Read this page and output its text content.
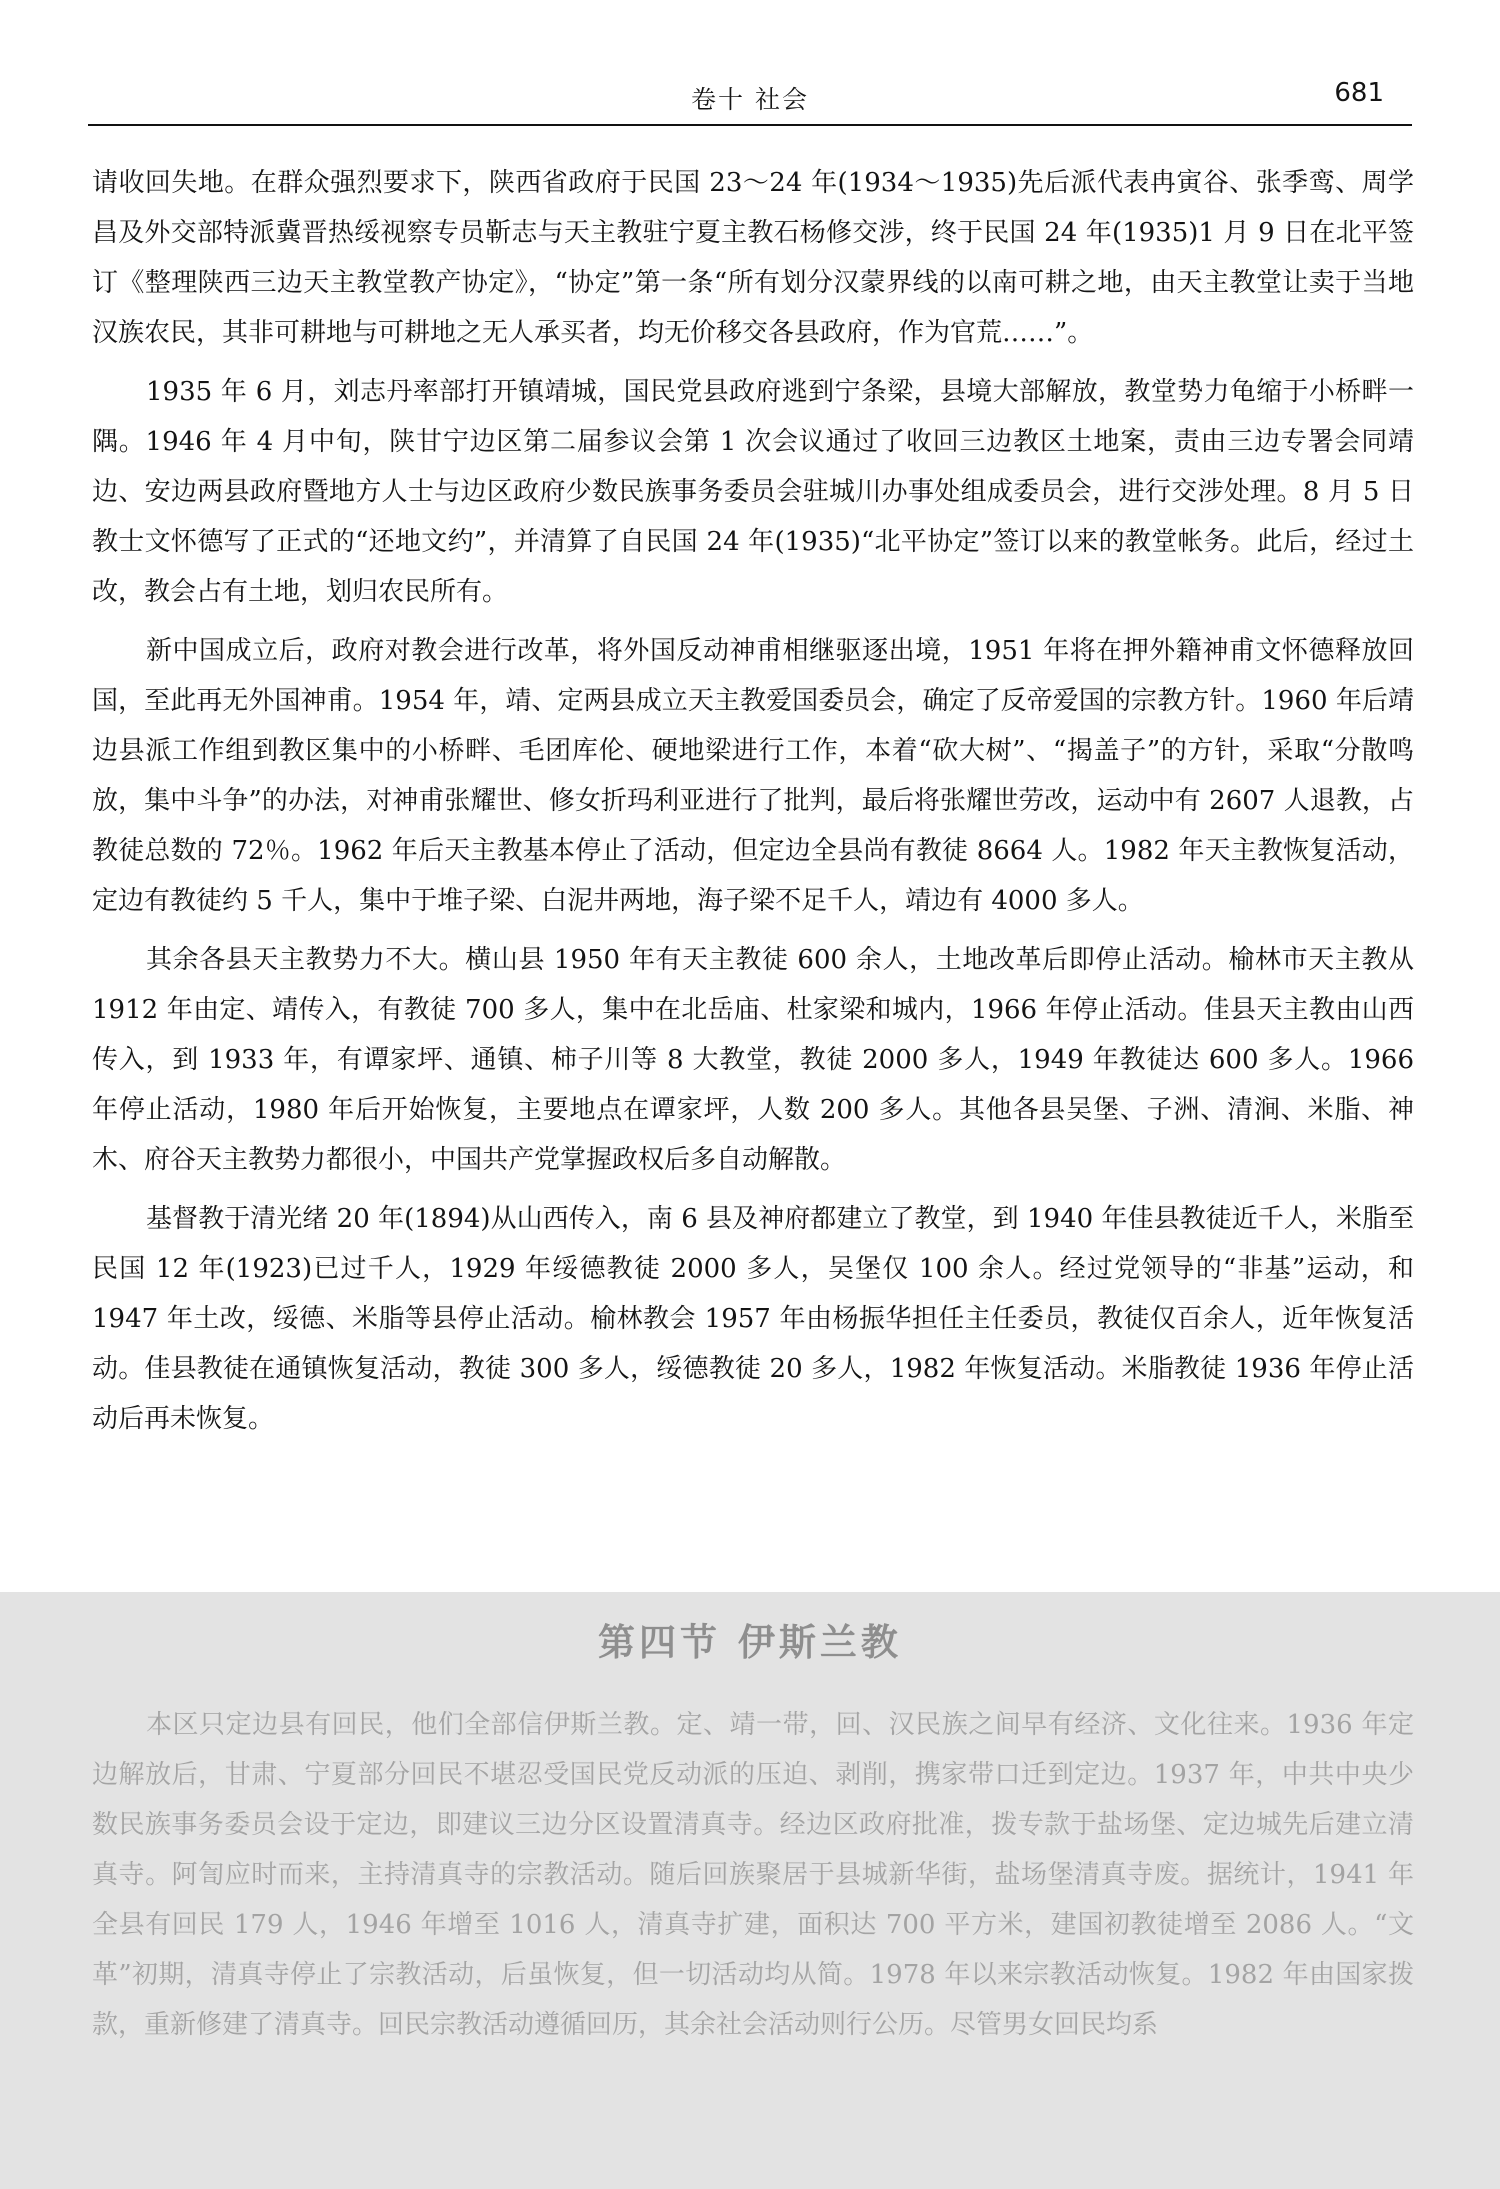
卷十 社会	681

请收回失地。在群众强烈要求下，陕西省政府于民国 23～24 年(1934～1935)先后派代表冉寅谷、张季鸾、周学昌及外交部特派冀晋热绥视察专员靳志与天主教驻宁夏主教石杨修交涉，终于民国 24 年(1935)1 月 9 日在北平签订《整理陕西三边天主教堂教产协定》，“协定”第一条“所有划分汉蒙界线的以南可耕之地，由天主教堂让卖于当地汉族农民，其非可耕地与可耕地之无人承买者，均无价移交各县政府，作为官荒……”。

1935 年 6 月，刘志丹率部打开镇靖城，国民党县政府逃到宁条梁，县境大部解放，教堂势力龟缩于小桥畔一隅。1946 年 4 月中旬，陕甘宁边区第二届参议会第 1 次会议通过了收回三边教区土地案，责由三边专署会同靖边、安边两县政府暨地方人士与边区政府少数民族事务委员会驻城川办事处组成委员会，进行交涉处理。8 月 5 日教士文怀德写了正式的“还地文约”，并清算了自民国 24 年(1935)“北平协定”签订以来的教堂帐务。此后，经过土改，教会占有土地，划归农民所有。

新中国成立后，政府对教会进行改革，将外国反动神甫相继驱逐出境，1951 年将在押外籍神甫文怀德释放回国，至此再无外国神甫。1954 年，靖、定两县成立天主教爱国委员会，确定了反帝爱国的宗教方针。1960 年后靖边县派工作组到教区集中的小桥畔、毛团库伦、硬地梁进行工作，本着“砍大树”、“揭盖子”的方针，采取“分散鸣放，集中斗争”的办法，对神甫张耀世、修女折玛利亚进行了批判，最后将张耀世劳改，运动中有 2607 人退教，占教徒总数的 72％。1962 年后天主教基本停止了活动，但定边全县尚有教徒 8664 人。1982 年天主教恢复活动，定边有教徒约 5 千人，集中于堆子梁、白泥井两地，海子梁不足千人，靖边有 4000 多人。

其余各县天主教势力不大。横山县 1950 年有天主教徒 600 余人，土地改革后即停止活动。榆林市天主教从 1912 年由定、靖传入，有教徒 700 多人，集中在北岳庙、杜家梁和城内，1966 年停止活动。佳县天主教由山西传入，到 1933 年，有谭家坪、通镇、柿子川等 8 大教堂，教徒 2000 多人，1949 年教徒达 600 多人。1966 年停止活动，1980 年后开始恢复，主要地点在谭家坪，人数 200 多人。其他各县吴堡、子洲、清涧、米脂、神木、府谷天主教势力都很小，中国共产党掌握政权后多自动解散。

基督教于清光绪 20 年(1894)从山西传入，南 6 县及神府都建立了教堂，到 1940 年佳县教徒近千人，米脂至民国 12 年(1923)已过千人，1929 年绥德教徒 2000 多人，吴堡仅 100 余人。经过党领导的“非基”运动，和 1947 年土改，绥德、米脂等县停止活动。榆林教会 1957 年由杨振华担任主任委员，教徒仅百余人，近年恢复活动。佳县教徒在通镇恢复活动，教徒 300 多人，绥德教徒 20 多人，1982 年恢复活动。米脂教徒 1936 年停止活动后再未恢复。

第四节 伊斯兰教

本区只定边县有回民，他们全部信伊斯兰教。定、靖一带，回、汉民族之间早有经济、文化往来。1936 年定边解放后，甘肃、宁夏部分回民不堪忍受国民党反动派的压迫、剥削，携家带口迁到定边。1937 年，中共中央少数民族事务委员会设于定边，即建议三边分区设置清真寺。经边区政府批准，拨专款于盐场堡、定边城先后建立清真寺。阿訇应时而来，主持清真寺的宗教活动。随后回族聚居于县城新华街，盐场堡清真寺废。据统计，1941 年全县有回民 179 人，1946 年增至 1016 人，清真寺扩建，面积达 700 平方米，建国初教徒增至 2086 人。“文革”初期，清真寺停止了宗教活动，后虽恢复，但一切活动均从简。1978 年以来宗教活动恢复。1982 年由国家拨款，重新修建了清真寺。回民宗教活动遵循回历，其余社会活动则行公历。尽管男女回民均系
